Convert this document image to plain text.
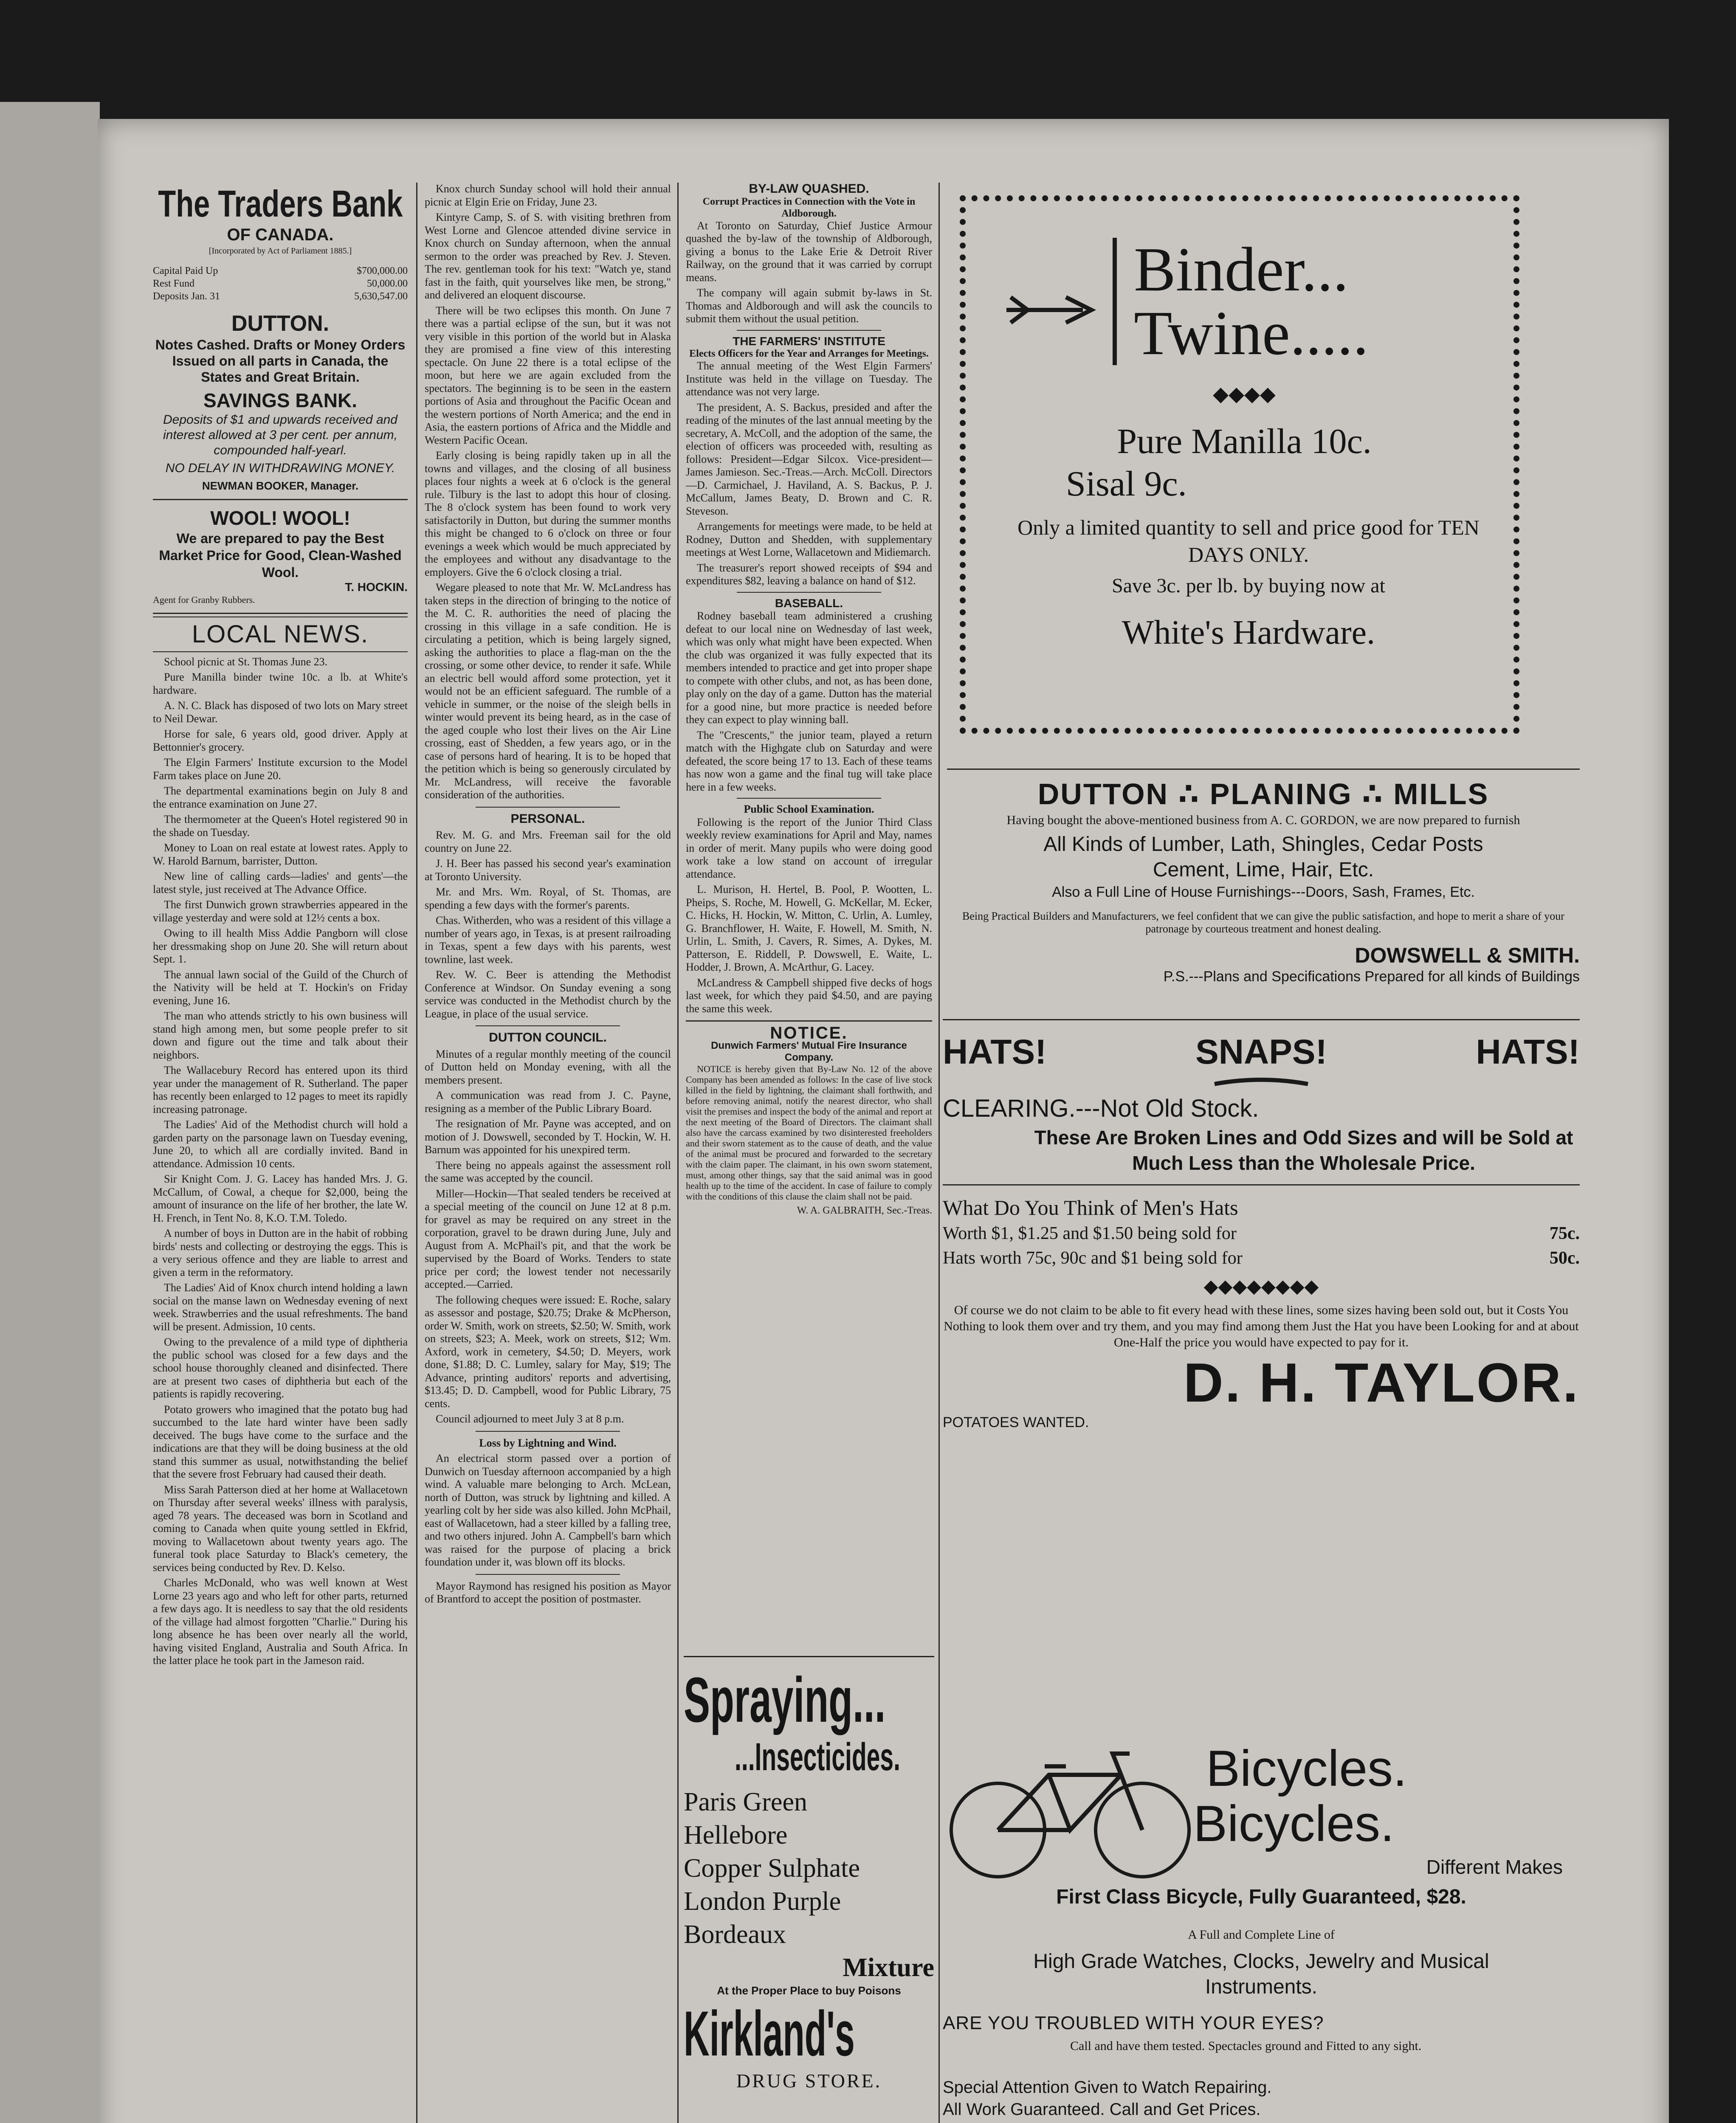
The Traders Bank
OF CANADA.
[Incorporated by Act of Parliament 1885.]
Capital Paid Up	$700,000.00
Rest Fund	50,000.00
Deposits Jan. 31	5,630,547.00
DUTTON.
Notes Cashed. Drafts or Money Orders Issued on all parts in Canada, the States and Great Britain.
SAVINGS BANK.
Deposits of $1 and upwards received and interest allowed at 3 per cent. per annum, compounded half-yearl.
NO DELAY IN WITHDRAWING MONEY.
NEWMAN BOOKER, Manager.
WOOL! WOOL!
We are prepared to pay the Best Market Price for Good, Clean-Washed Wool.
T. HOCKIN.
Agent for Granby Rubbers.
LOCAL NEWS.

School picnic at St. Thomas June 23.

Pure Manilla binder twine 10c. a lb. at White's hardware.

A. N. C. Black has disposed of two lots on Mary street to Neil Dewar.

Horse for sale, 6 years old, good driver. Apply at Bettonnier's grocery.

The Elgin Farmers' Institute excursion to the Model Farm takes place on June 20.

The departmental examinations begin on July 8 and the entrance examination on June 27.

The thermometer at the Queen's Hotel registered 90 in the shade on Tuesday.

Money to Loan on real estate at lowest rates. Apply to W. Harold Barnum, barrister, Dutton.

New line of calling cards—ladies' and gents'—the latest style, just received at The Advance Office.

The first Dunwich grown strawberries appeared in the village yesterday and were sold at 12½ cents a box.

Owing to ill health Miss Addie Pangborn will close her dressmaking shop on June 20. She will return about Sept. 1.

The annual lawn social of the Guild of the Church of the Nativity will be held at T. Hockin's on Friday evening, June 16.

The man who attends strictly to his own business will stand high among men, but some people prefer to sit down and figure out the time and talk about their neighbors.

The Wallacebury Record has entered upon its third year under the management of R. Sutherland. The paper has recently been enlarged to 12 pages to meet its rapidly increasing patronage.

The Ladies' Aid of the Methodist church will hold a garden party on the parsonage lawn on Tuesday evening, June 20, to which all are cordially invited. Band in attendance. Admission 10 cents.

Sir Knight Com. J. G. Lacey has handed Mrs. J. G. McCallum, of Cowal, a cheque for $2,000, being the amount of insurance on the life of her brother, the late W. H. French, in Tent No. 8, K.O. T.M. Toledo.

A number of boys in Dutton are in the habit of robbing birds' nests and collecting or destroying the eggs. This is a very serious offence and they are liable to arrest and given a term in the reformatory.

The Ladies' Aid of Knox church intend holding a lawn social on the manse lawn on Wednesday evening of next week. Strawberries and the usual refreshments. The band will be present. Admission, 10 cents.

Owing to the prevalence of a mild type of diphtheria the public school was closed for a few days and the school house thoroughly cleaned and disinfected. There are at present two cases of diphtheria but each of the patients is rapidly recovering.

Potato growers who imagined that the potato bug had succumbed to the late hard winter have been sadly deceived. The bugs have come to the surface and the indications are that they will be doing business at the old stand this summer as usual, notwithstanding the belief that the severe frost February had caused their death.

Miss Sarah Patterson died at her home at Wallacetown on Thursday after several weeks' illness with paralysis, aged 78 years. The deceased was born in Scotland and coming to Canada when quite young settled in Ekfrid, moving to Wallacetown about twenty years ago. The funeral took place Saturday to Black's cemetery, the services being conducted by Rev. D. Kelso.

Charles McDonald, who was well known at West Lorne 23 years ago and who left for other parts, returned a few days ago. It is needless to say that the old residents of the village had almost forgotten "Charlie." During his long absence he has been over nearly all the world, having visited England, Australia and South Africa. In the latter place he took part in the Jameson raid.

Knox church Sunday school will hold their annual picnic at Elgin Erie on Friday, June 23.

Kintyre Camp, S. of S. with visiting brethren from West Lorne and Glencoe attended divine service in Knox church on Sunday afternoon, when the annual sermon to the order was preached by Rev. J. Steven. The rev. gentleman took for his text: "Watch ye, stand fast in the faith, quit yourselves like men, be strong," and delivered an eloquent discourse.

There will be two eclipses this month. On June 7 there was a partial eclipse of the sun, but it was not very visible in this portion of the world but in Alaska they are promised a fine view of this interesting spectacle. On June 22 there is a total eclipse of the moon, but here we are again excluded from the spectators. The beginning is to be seen in the eastern portions of Asia and throughout the Pacific Ocean and the western portions of North America; and the end in Asia, the eastern portions of Africa and the Middle and Western Pacific Ocean.

Early closing is being rapidly taken up in all the towns and villages, and the closing of all business places four nights a week at 6 o'clock is the general rule. Tilbury is the last to adopt this hour of closing. The 8 o'clock system has been found to work very satisfactorily in Dutton, but during the summer months this might be changed to 6 o'clock on three or four evenings a week which would be much appreciated by the employees and without any disadvantage to the employers. Give the 6 o'clock closing a trial.

Wegare pleased to note that Mr. W. McLandress has taken steps in the direction of bringing to the notice of the M. C. R. authorities the need of placing the crossing in this village in a safe condition. He is circulating a petition, which is being largely signed, asking the authorities to place a flag-man on the the crossing, or some other device, to render it safe. While an electric bell would afford some protection, yet it would not be an efficient safeguard. The rumble of a vehicle in summer, or the noise of the sleigh bells in winter would prevent its being heard, as in the case of the aged couple who lost their lives on the Air Line crossing, east of Shedden, a few years ago, or in the case of persons hard of hearing. It is to be hoped that the petition which is being so generously circulated by Mr. McLandress, will receive the favorable consideration of the authorities.

PERSONAL.

Rev. M. G. and Mrs. Freeman sail for the old country on June 22.

J. H. Beer has passed his second year's examination at Toronto University.

Mr. and Mrs. Wm. Royal, of St. Thomas, are spending a few days with the former's parents.

Chas. Witherden, who was a resident of this village a number of years ago, in Texas, is at present railroading in Texas, spent a few days with his parents, west townline, last week.

Rev. W. C. Beer is attending the Methodist Conference at Windsor. On Sunday evening a song service was conducted in the Methodist church by the League, in place of the usual service.

DUTTON COUNCIL.

Minutes of a regular monthly meeting of the council of Dutton held on Monday evening, with all the members present.

A communication was read from J. C. Payne, resigning as a member of the Public Library Board.

The resignation of Mr. Payne was accepted, and on motion of J. Dowswell, seconded by T. Hockin, W. H. Barnum was appointed for his unexpired term.

There being no appeals against the assessment roll the same was accepted by the council.

Miller—Hockin—That sealed tenders be received at a special meeting of the council on June 12 at 8 p.m. for gravel as may be required on any street in the corporation, gravel to be drawn during June, July and August from A. McPhail's pit, and that the work be supervised by the Board of Works. Tenders to state price per cord; the lowest tender not necessarily accepted.—Carried.

The following cheques were issued: E. Roche, salary as assessor and postage, $20.75; Drake & McPherson, order W. Smith, work on streets, $2.50; W. Smith, work on streets, $23; A. Meek, work on streets, $12; Wm. Axford, work in cemetery, $4.50; D. Meyers, work done, $1.88; D. C. Lumley, salary for May, $19; The Advance, printing auditors' reports and advertising, $13.45; D. D. Campbell, wood for Public Library, 75 cents.

Council adjourned to meet July 3 at 8 p.m.

Loss by Lightning and Wind.

An electrical storm passed over a portion of Dunwich on Tuesday afternoon accompanied by a high wind. A valuable mare belonging to Arch. McLean, north of Dutton, was struck by lightning and killed. A yearling colt by her side was also killed. John McPhail, east of Wallacetown, had a steer killed by a falling tree, and two others injured. John A. Campbell's barn which was raised for the purpose of placing a brick foundation under it, was blown off its blocks.

Mayor Raymond has resigned his position as Mayor of Brantford to accept the position of postmaster.

BY-LAW QUASHED.
Corrupt Practices in Connection with the Vote in Aldborough.

At Toronto on Saturday, Chief Justice Armour quashed the by-law of the township of Aldborough, giving a bonus to the Lake Erie & Detroit River Railway, on the ground that it was carried by corrupt means.

The company will again submit by-laws in St. Thomas and Aldborough and will ask the councils to submit them without the usual petition.

THE FARMERS' INSTITUTE
Elects Officers for the Year and Arranges for Meetings.

The annual meeting of the West Elgin Farmers' Institute was held in the village on Tuesday. The attendance was not very large.

The president, A. S. Backus, presided and after the reading of the minutes of the last annual meeting by the secretary, A. McColl, and the adoption of the same, the election of officers was proceeded with, resulting as follows: President—Edgar Silcox. Vice-president—James Jamieson. Sec.-Treas.—Arch. McColl. Directors—D. Carmichael, J. Haviland, A. S. Backus, P. J. McCallum, James Beaty, D. Brown and C. R. Steveson.

Arrangements for meetings were made, to be held at Rodney, Dutton and Shedden, with supplementary meetings at West Lorne, Wallacetown and Midiemarch.

The treasurer's report showed receipts of $94 and expenditures $82, leaving a balance on hand of $12.

BASEBALL.

Rodney baseball team administered a crushing defeat to our local nine on Wednesday of last week, which was only what might have been expected. When the club was organized it was fully expected that its members intended to practice and get into proper shape to compete with other clubs, and not, as has been done, play only on the day of a game. Dutton has the material for a good nine, but more practice is needed before they can expect to play winning ball.

The "Crescents," the junior team, played a return match with the Highgate club on Saturday and were defeated, the score being 17 to 13. Each of these teams has now won a game and the final tug will take place here in a few weeks.

Public School Examination.

Following is the report of the Junior Third Class weekly review examinations for April and May, names in order of merit. Many pupils who were doing good work take a low stand on account of irregular attendance.

L. Murison, H. Hertel, B. Pool, P. Wootten, L. Pheips, S. Roche, M. Howell, G. McKellar, M. Ecker, C. Hicks, H. Hockin, W. Mitton, C. Urlin, A. Lumley, G. Branchflower, H. Waite, F. Howell, M. Smith, N. Urlin, L. Smith, J. Cavers, R. Simes, A. Dykes, M. Patterson, E. Riddell, P. Dowswell, E. Waite, L. Hodder, J. Brown, A. McArthur, G. Lacey.

McLandress & Campbell shipped five decks of hogs last week, for which they paid $4.50, and are paying the same this week.

NOTICE.
Dunwich Farmers' Mutual Fire Insurance Company.

NOTICE is hereby given that By-Law No. 12 of the above Company has been amended as follows: In the case of live stock killed in the field by lightning, the claimant shall forthwith, and before removing animal, notify the nearest director, who shall visit the premises and inspect the body of the animal and report at the next meeting of the Board of Directors. The claimant shall also have the carcass examined by two disinterested freeholders and their sworn statement as to the cause of death, and the value of the animal must be procured and forwarded to the secretary with the claim paper. The claimant, in his own sworn statement, must, among other things, say that the said animal was in good health up to the time of the accident. In case of failure to comply with the conditions of this clause the claim shall not be paid.

W. A. GALBRAITH, Sec.-Treas.
Spraying...
...Insecticides.
Paris Green
Hellebore
Copper Sulphate
London Purple
Bordeaux
Mixture
At the Proper Place to buy Poisons
Kirkland's
DRUG STORE.
Binder...
Twine.....
◆◆◆◆
Pure Manilla 10c.
Sisal 9c.
Only a limited quantity to sell and price good for TEN DAYS ONLY.
Save 3c. per lb. by buying now at
White's Hardware.
DUTTON ∴ PLANING ∴ MILLS
Having bought the above-mentioned business from A. C. GORDON, we are now prepared to furnish
All Kinds of Lumber, Lath, Shingles, Cedar Posts
Cement, Lime, Hair, Etc.
Also a Full Line of House Furnishings---Doors, Sash, Frames, Etc.
Being Practical Builders and Manufacturers, we feel confident that we can give the public satisfaction, and hope to merit a share of your patronage by courteous treatment and honest dealing.
DOWSWELL & SMITH.
P.S.---Plans and Specifications Prepared for all kinds of Buildings
HATS!	SNAPS!	HATS!
CLEARING.---Not Old Stock.
These Are Broken Lines and Odd Sizes and will be Sold at Much Less than the Wholesale Price.
What Do You Think of Men's Hats
Worth $1, $1.25 and $1.50 being sold for	75c.
Hats worth 75c, 90c and $1 being sold for	50c.
◆◆◆◆◆◆◆◆
Of course we do not claim to be able to fit every head with these lines, some sizes having been sold out, but it Costs You Nothing to look them over and try them, and you may find among them Just the Hat you have been Looking for and at about One-Half the price you would have expected to pay for it.
D. H. TAYLOR.
POTATOES WANTED.
Bicycles.
Bicycles.
Different Makes
First Class Bicycle, Fully Guaranteed, $28.
A Full and Complete Line of
High Grade Watches, Clocks, Jewelry and Musical Instruments.
ARE YOU TROUBLED WITH YOUR EYES?
Call and have them tested. Spectacles ground and Fitted to any sight.
Special Attention Given to Watch Repairing.
All Work Guaranteed. Call and Get Prices.
